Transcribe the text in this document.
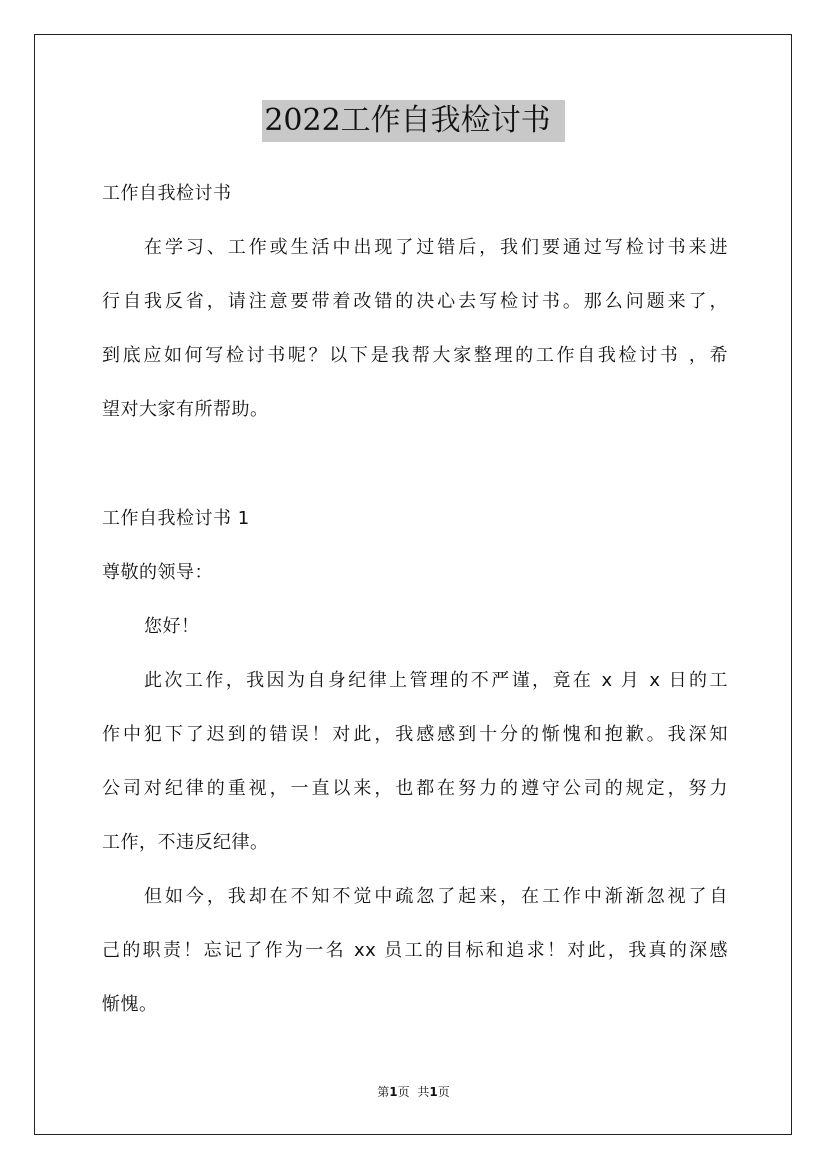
2022工作自我检讨书
工作自我检讨书
在学习、工作或生活中出现了过错后，我们要通过写检讨书来进
行自我反省，请注意要带着改错的决心去写检讨书。那么问题来了，
到底应如何写检讨书呢？以下是我帮大家整理的工作自我检讨书 ，希
望对大家有所帮助。
工作自我检讨书 1
尊敬的领导：
您好！
此次工作，我因为自身纪律上管理的不严谨，竟在 x 月 x 日的工
作中犯下了迟到的错误！对此，我感感到十分的惭愧和抱歉。我深知
公司对纪律的重视，一直以来，也都在努力的遵守公司的规定，努力
工作，不违反纪律。
但如今，我却在不知不觉中疏忽了起来，在工作中渐渐忽视了自
己的职责！忘记了作为一名 xx 员工的目标和追求！对此，我真的深感
惭愧。
第1页 共1页
